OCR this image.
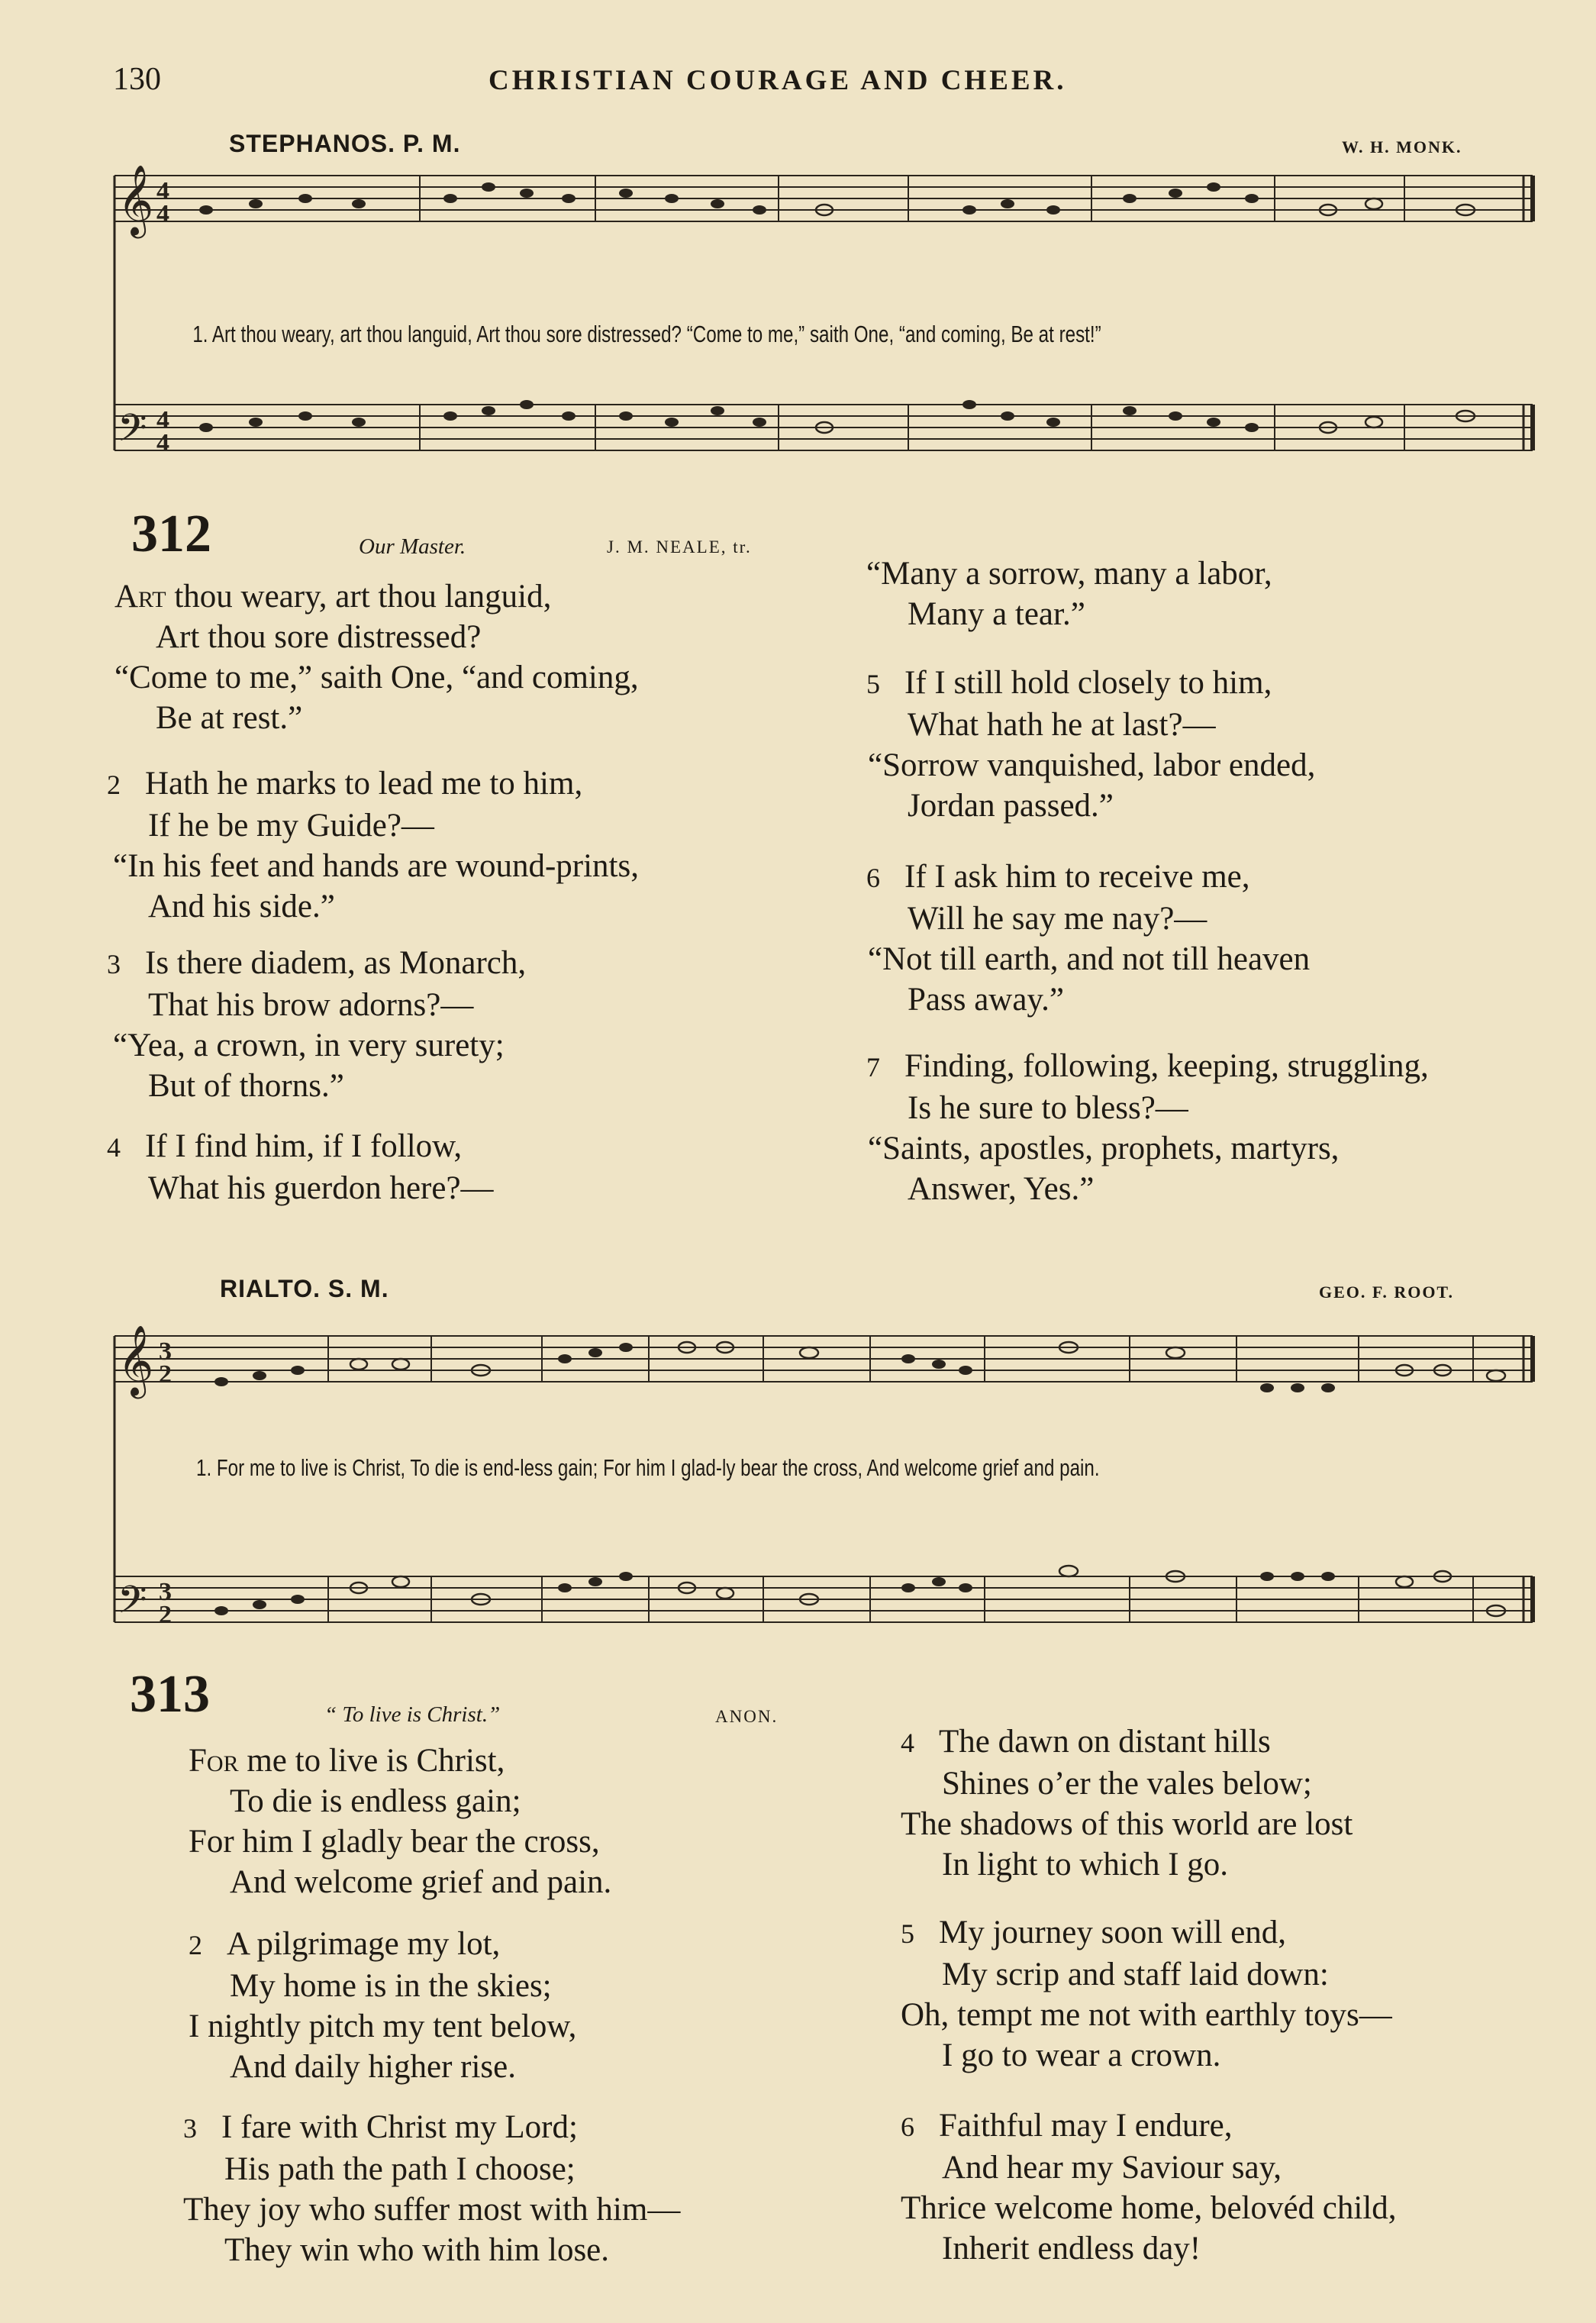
130	CHRISTIAN COURAGE AND CHEER.
STEPHANOS. P. M.	W. H. MONK.
𝄞
𝄢
4
4
4
4
1. Art thou weary, art thou languid, Art thou sore distressed? “Come to me,” saith One, “and coming, Be at rest!”
312	Our Master.	J. M. NEALE, tr.
Art thou weary, art thou languid,
Art thou sore distressed?
“Come to me,” saith One, “and coming,
Be at rest.”
2 Hath he marks to lead me to him,
If he be my Guide?—
“In his feet and hands are wound-prints,
And his side.”
3 Is there diadem, as Monarch,
That his brow adorns?—
“Yea, a crown, in very surety;
But of thorns.”
4 If I find him, if I follow,
What his guerdon here?—
“Many a sorrow, many a labor,
Many a tear.”
5 If I still hold closely to him,
What hath he at last?—
“Sorrow vanquished, labor ended,
Jordan passed.”
6 If I ask him to receive me,
Will he say me nay?—
“Not till earth, and not till heaven
Pass away.”
7 Finding, following, keeping, struggling,
Is he sure to bless?—
“Saints, apostles, prophets, martyrs,
Answer, Yes.”
RIALTO. S. M.	GEO. F. ROOT.
𝄞
𝄢
3
2
3
2
1. For me to live is Christ, To die is end-less gain; For him I glad-ly bear the cross, And welcome grief and pain.
313	“ To live is Christ.”	ANON.
For me to live is Christ,
To die is endless gain;
For him I gladly bear the cross,
And welcome grief and pain.
2 A pilgrimage my lot,
My home is in the skies;
I nightly pitch my tent below,
And daily higher rise.
3 I fare with Christ my Lord;
His path the path I choose;
They joy who suffer most with him—
They win who with him lose.
4 The dawn on distant hills
Shines o’er the vales below;
The shadows of this world are lost
In light to which I go.
5 My journey soon will end,
My scrip and staff laid down:
Oh, tempt me not with earthly toys—
I go to wear a crown.
6 Faithful may I endure,
And hear my Saviour say,
Thrice welcome home, belovéd child,
Inherit endless day!
